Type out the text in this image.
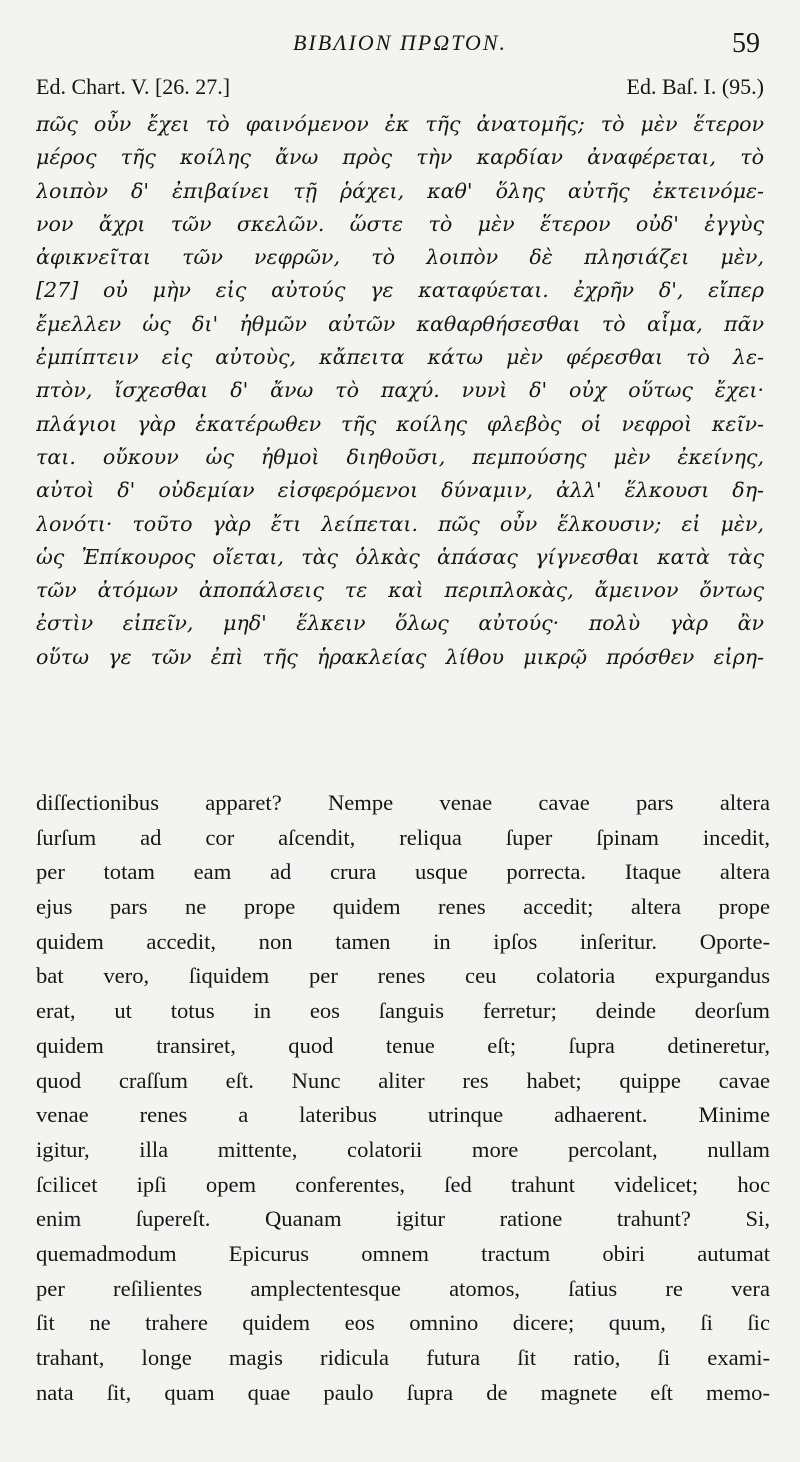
BIBΛIOΝ ΠΡΩΤΟΝ.	59
Ed. Chart. V. [26. 27.]	Ed. Baſ. I. (95.)
πῶς οὖν ἔχει τὸ φαινόμενον ἐκ τῆς ἀνατομῆς; τὸ μὲν ἕτερον
μέρος τῆς κοίλης ἄνω πρὸς τὴν καρδίαν ἀναφέρεται, τὸ
λοιπὸν δ' ἐπιβαίνει τῇ ῥάχει, καθ' ὅλης αὐτῆς ἐκτεινόμε-
νον ἄχρι τῶν σκελῶν. ὥστε τὸ μὲν ἕτερον οὐδ' ἐγγὺς
ἀφικνεῖται τῶν νεφρῶν, τὸ λοιπὸν δὲ πλησιάζει μὲν,
[27] οὐ μὴν εἰς αὐτούς γε καταφύεται. ἐχρῆν δ', εἴπερ
ἔμελλεν ὡς δι' ἠθμῶν αὐτῶν καθαρθήσεσθαι τὸ αἷμα, πᾶν
ἐμπίπτειν εἰς αὐτοὺς, κἄπειτα κάτω μὲν φέρεσθαι τὸ λε-
πτὸν, ἴσχεσθαι δ' ἄνω τὸ παχύ. νυνὶ δ' οὐχ οὕτως ἔχει·
πλάγιοι γὰρ ἑκατέρωθεν τῆς κοίλης φλεβὸς οἱ νεφροὶ κεῖν-
ται. οὔκουν ὡς ἠθμοὶ διηθοῦσι, πεμπούσης μὲν ἐκείνης,
αὐτοὶ δ' οὐδεμίαν εἰσφερόμενοι δύναμιν, ἀλλ' ἕλκουσι δη-
λονότι· τοῦτο γὰρ ἔτι λείπεται. πῶς οὖν ἕλκουσιν; εἰ μὲν,
ὡς Ἐπίκουρος οἴεται, τὰς ὁλκὰς ἁπάσας γίγνεσθαι κατὰ τὰς
τῶν ἀτόμων ἀποπάλσεις τε καὶ περιπλοκὰς, ἄμεινον ὄντως
ἐστὶν εἰπεῖν, μηδ' ἕλκειν ὅλως αὐτούς· πολὺ γὰρ ἂν
οὕτω γε τῶν ἐπὶ τῆς ἡρακλείας λίθου μικρῷ πρόσθεν εἰρη-
diſſectionibus apparet? Nempe venae cavae pars altera
ſurſum ad cor aſcendit, reliqua ſuper ſpinam incedit,
per totam eam ad crura usque porrecta. Itaque altera
ejus pars ne prope quidem renes accedit; altera prope
quidem accedit, non tamen in ipſos inſeritur. Oporte-
bat vero, ſiquidem per renes ceu colatoria expurgandus
erat, ut totus in eos ſanguis ferretur; deinde deorſum
quidem transiret, quod tenue eſt; ſupra detineretur,
quod craſſum eſt. Nunc aliter res habet; quippe cavae
venae renes a lateribus utrinque adhaerent. Minime
igitur, illa mittente, colatorii more percolant, nullam
ſcilicet ipſi opem conferentes, ſed trahunt videlicet; hoc
enim ſupereſt. Quanam igitur ratione trahunt? Si,
quemadmodum Epicurus omnem tractum obiri autumat
per reſilientes amplectentesque atomos, ſatius re vera
ſit ne trahere quidem eos omnino dicere; quum, ſi ſic
trahant, longe magis ridicula futura ſit ratio, ſi exami-
nata ſit, quam quae paulo ſupra de magnete eſt memo-
